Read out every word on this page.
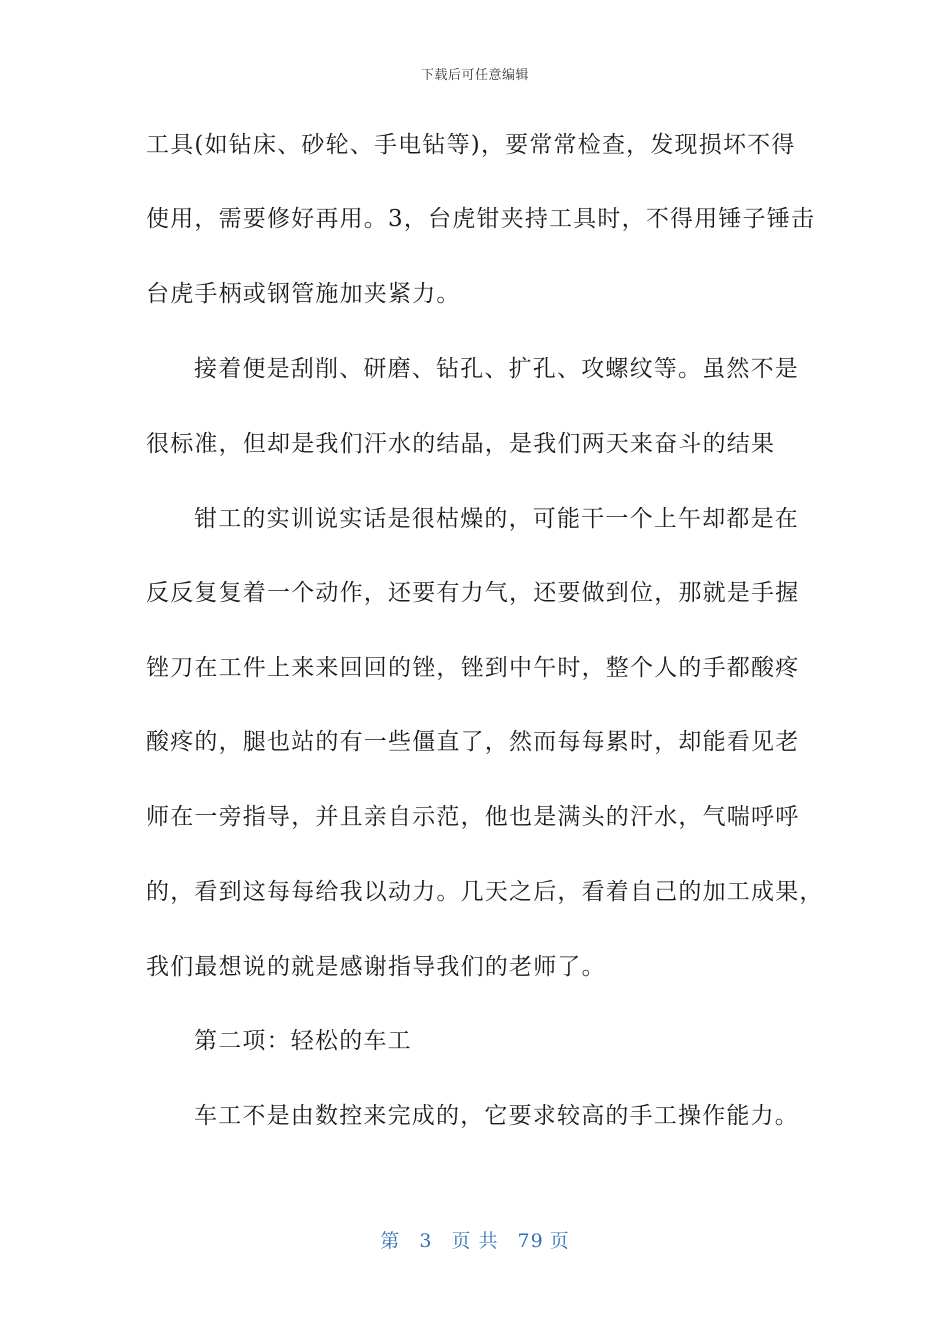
下载后可任意编辑
工具(如钻床、砂轮、手电钻等)，要常常检查，发现损坏不得
使用，需要修好再用。3，台虎钳夹持工具时，不得用锤子锤击
台虎手柄或钢管施加夹紧力。
接着便是刮削、研磨、钻孔、扩孔、攻螺纹等。虽然不是
很标准，但却是我们汗水的结晶，是我们两天来奋斗的结果
钳工的实训说实话是很枯燥的，可能干一个上午却都是在
反反复复着一个动作，还要有力气，还要做到位，那就是手握
锉刀在工件上来来回回的锉，锉到中午时，整个人的手都酸疼
酸疼的，腿也站的有一些僵直了，然而每每累时，却能看见老
师在一旁指导，并且亲自示范，他也是满头的汗水，气喘呼呼
的，看到这每每给我以动力。几天之后，看着自己的加工成果，
我们最想说的就是感谢指导我们的老师了。
第二项：轻松的车工
车工不是由数控来完成的，它要求较高的手工操作能力。
第 3 页 共 79 页
